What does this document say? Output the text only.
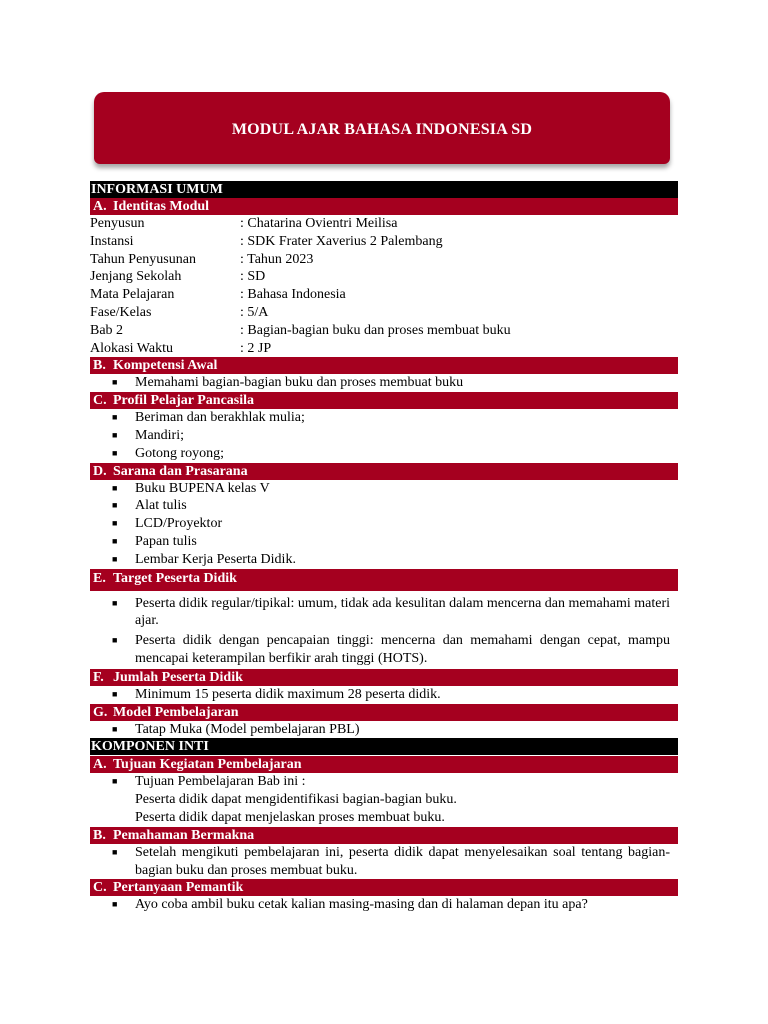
MODUL AJAR BAHASA INDONESIA SD
INFORMASI UMUM
A. Identitas Modul
Penyusun	: Chatarina Ovientri Meilisa
Instansi	: SDK Frater Xaverius 2 Palembang
Tahun Penyusunan	: Tahun 2023
Jenjang Sekolah	: SD
Mata Pelajaran	: Bahasa Indonesia
Fase/Kelas	: 5/A
Bab 2	: Bagian-bagian buku dan proses membuat buku
Alokasi Waktu	: 2 JP
B. Kompetensi Awal
■ Memahami bagian-bagian buku dan proses membuat buku
C. Profil Pelajar Pancasila
■ Beriman dan berakhlak mulia;
■ Mandiri;
■ Gotong royong;
D. Sarana dan Prasarana
■ Buku BUPENA kelas V
■ Alat tulis
■ LCD/Proyektor
■ Papan tulis
■ Lembar Kerja Peserta Didik.
E. Target Peserta Didik
■ Peserta didik regular/tipikal: umum, tidak ada kesulitan dalam mencerna dan memahami materi ajar.
■ Peserta didik dengan pencapaian tinggi: mencerna dan memahami dengan cepat, mampu mencapai keterampilan berfikir arah tinggi (HOTS).
F. Jumlah Peserta Didik
■ Minimum 15 peserta didik maximum 28 peserta didik.
G. Model Pembelajaran
■ Tatap Muka (Model pembelajaran PBL)
KOMPONEN INTI
A. Tujuan Kegiatan Pembelajaran
■ Tujuan Pembelajaran Bab ini :
Peserta didik dapat mengidentifikasi bagian-bagian buku.
Peserta didik dapat menjelaskan proses membuat buku.
B. Pemahaman Bermakna
■ Setelah mengikuti pembelajaran ini, peserta didik dapat menyelesaikan soal tentang bagian-bagian buku dan proses membuat buku.
C. Pertanyaan Pemantik
■ Ayo coba ambil buku cetak kalian masing-masing dan di halaman depan itu apa?
